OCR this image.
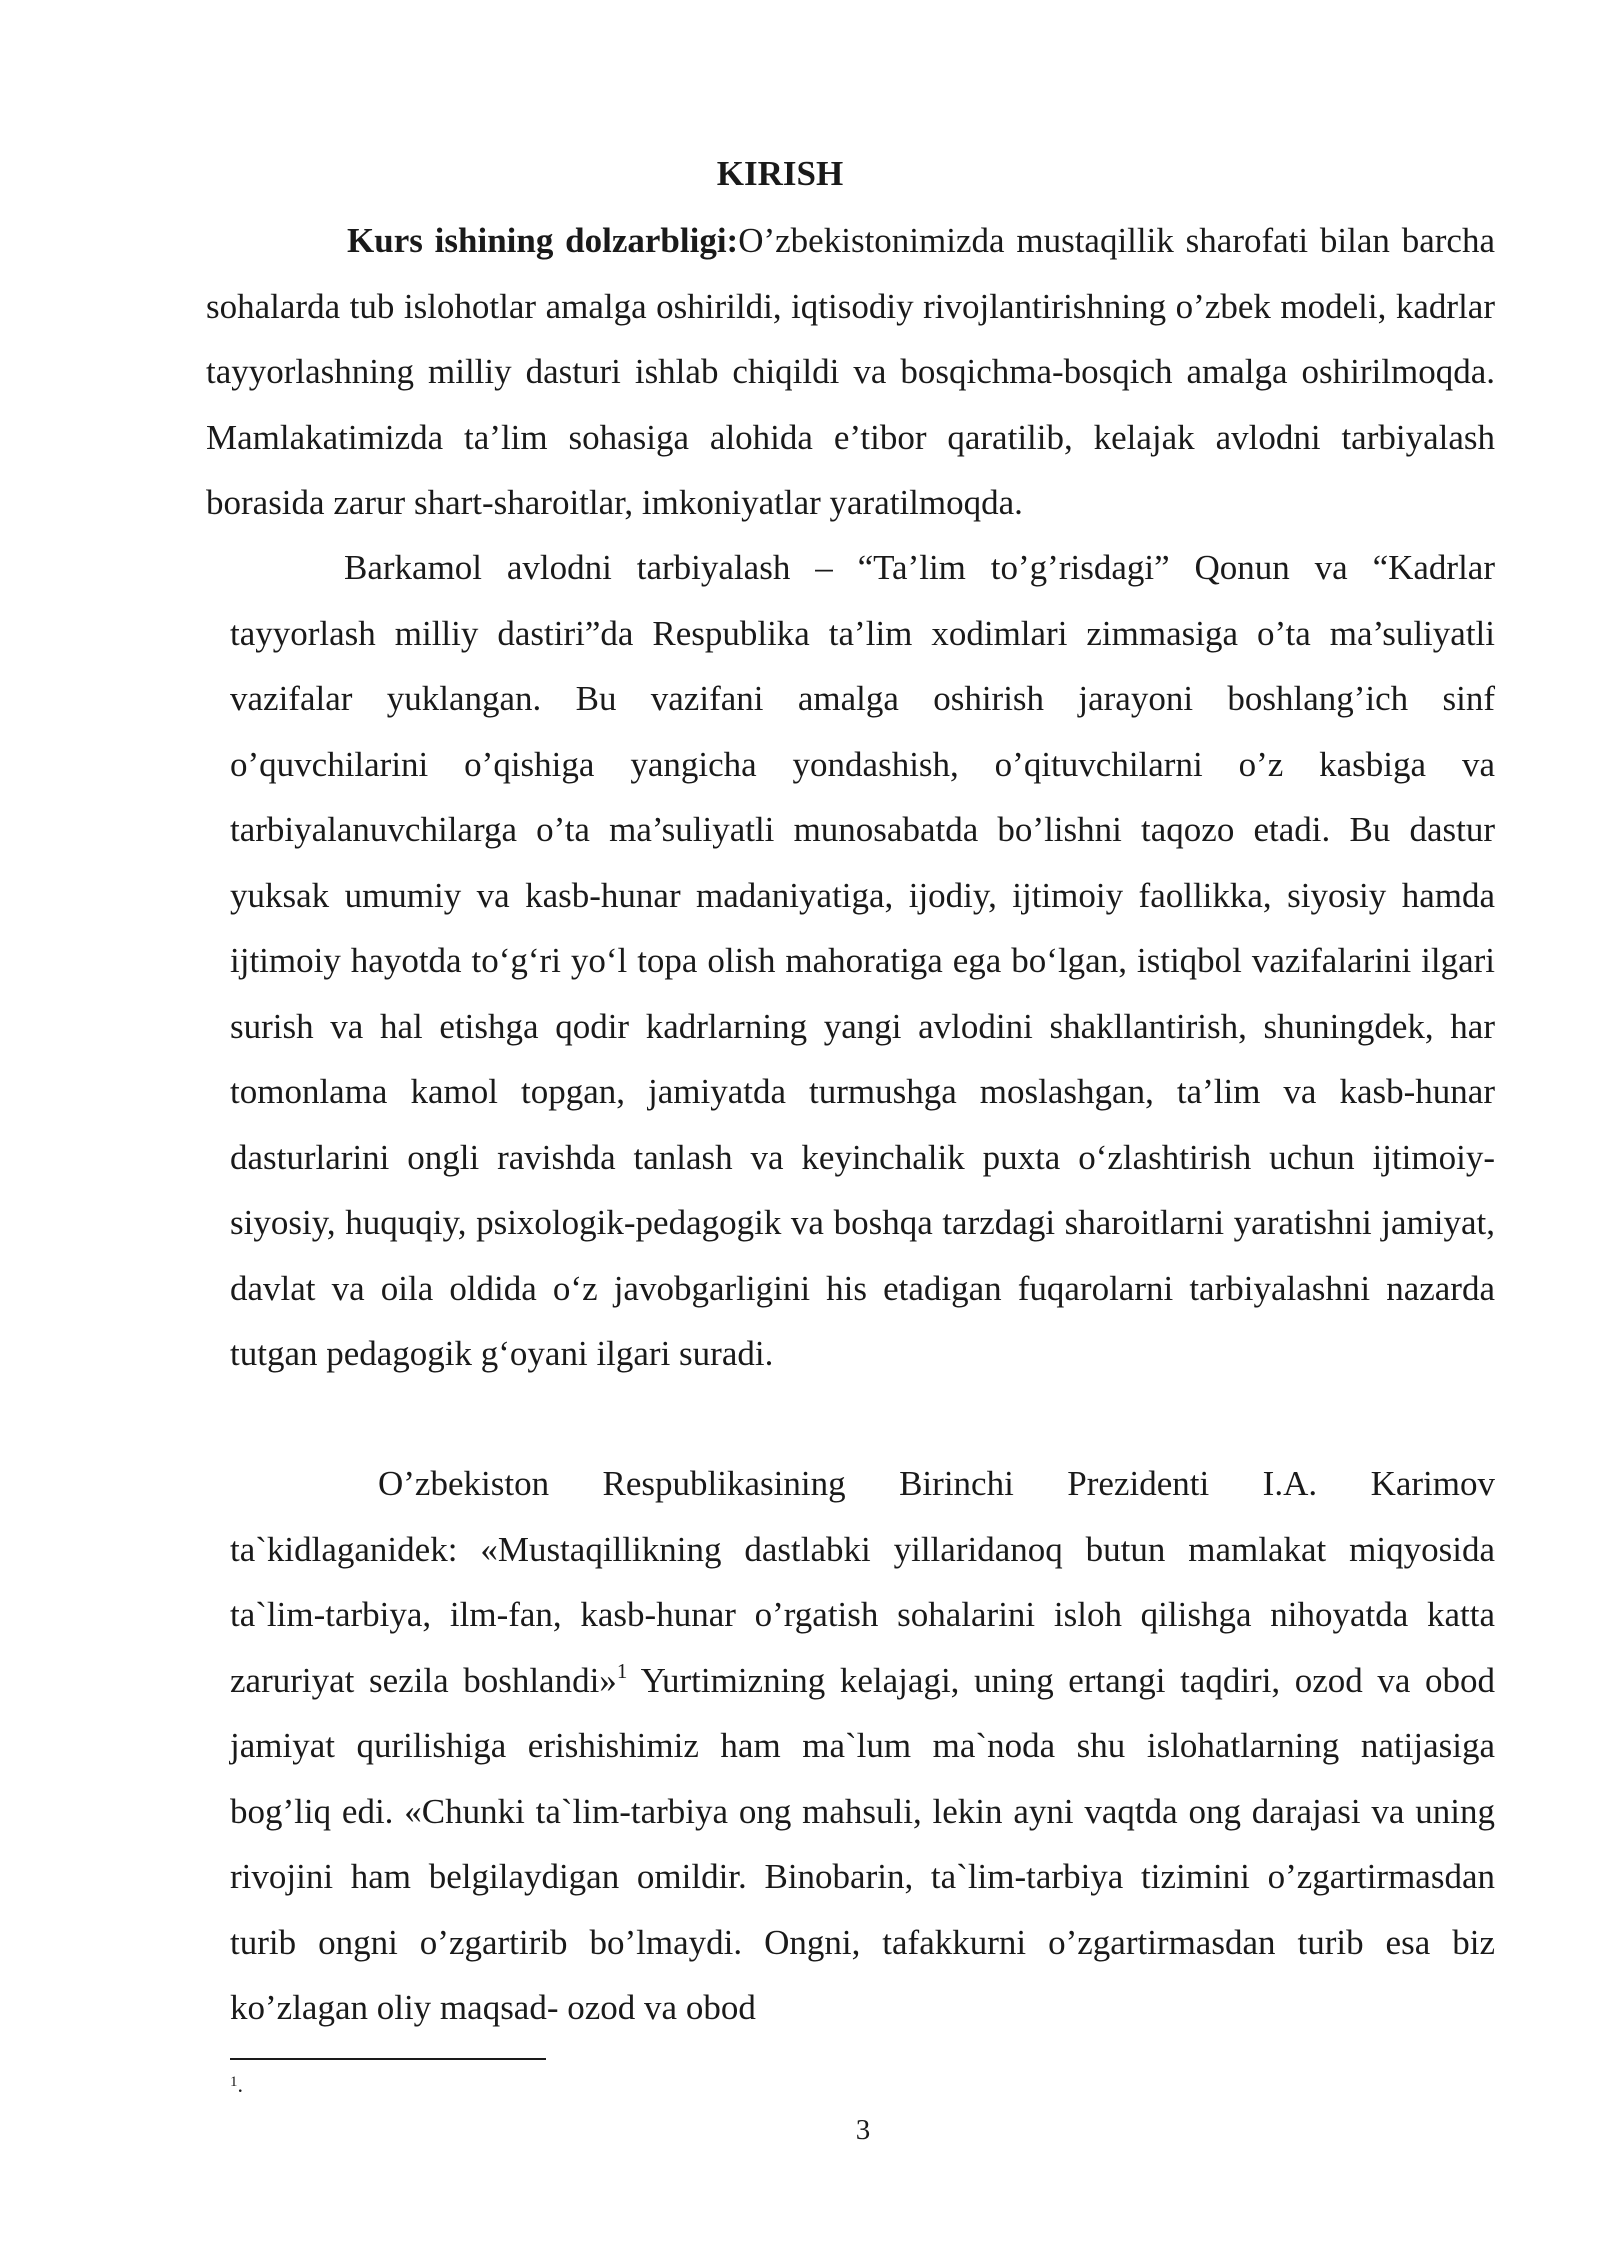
KIRISH

Kurs ishining dolzarbligi:O’zbekistonimizda mustaqillik sharofati bilan barcha sohalarda tub islohotlar amalga oshirildi, iqtisodiy rivojlantirishning o’zbek modeli, kadrlar tayyorlashning milliy dasturi ishlab chiqildi va bosqichma-bosqich amalga oshirilmoqda. Mamlakatimizda ta’lim sohasiga alohida e’tibor qaratilib, kelajak avlodni tarbiyalash borasida zarur shart-sharoitlar, imkoniyatlar yaratilmoqda.

Barkamol avlodni tarbiyalash – “Ta’lim to’g’risdagi” Qonun va “Kadrlar tayyorlash milliy dastiri”da Respublika ta’lim xodimlari zimmasiga o’ta ma’suliyatli vazifalar yuklangan. Bu vazifani amalga oshirish jarayoni boshlang’ich sinf o’quvchilarini o’qishiga yangicha yondashish, o’qituvchilarni o’z kasbiga va tarbiyalanuvchilarga o’ta ma’suliyatli munosabatda bo’lishni taqozo etadi. Bu dastur yuksak umumiy va kasb-hunar madaniyatiga, ijodiy, ijtimoiy faollikka, siyosiy hamda ijtimoiy hayotda to‘g‘ri yo‘l topa olish mahoratiga ega bo‘lgan, istiqbol vazifalarini ilgari surish va hal etishga qodir kadrlarning yangi avlodini shakllantirish, shuningdek, har tomonlama kamol topgan, jamiyatda turmushga moslashgan, ta’lim va kasb-hunar dasturlarini ongli ravishda tanlash va keyinchalik puxta o‘zlashtirish uchun ijtimoiy-siyosiy, huquqiy, psixologik-pedagogik va boshqa tarzdagi sharoitlarni yaratishni jamiyat, davlat va oila oldida o‘z javobgarligini his etadigan fuqarolarni tarbiyalashni nazarda tutgan pedagogik g‘oyani ilgari suradi.

O’zbekiston Respublikasining Birinchi Prezidenti I.A. Karimov ta`kidlaganidek: «Mustaqillikning dastlabki yillaridanoq butun mamlakat miqyosida ta`lim-tarbiya, ilm-fan, kasb-hunar o’rgatish sohalarini isloh qilishga nihoyatda katta zaruriyat sezila boshlandi»$^1$ Yurtimizning kelajagi, uning ertangi taqdiri, ozod va obod jamiyat qurilishiga erishishimiz ham ma`lum ma`noda shu islohatlarning natijasiga bog’liq edi. «Chunki ta`lim-tarbiya ong mahsuli, lekin ayni vaqtda ong darajasi va uning rivojini ham belgilaydigan omildir. Binobarin, ta`lim-tarbiya tizimini o’zgartirmasdan turib ongni o’zgartirib bo’lmaydi. Ongni, tafakkurni o’zgartirmasdan turib esa biz ko’zlagan oliy maqsad- ozod va obod

$^1$.
3
